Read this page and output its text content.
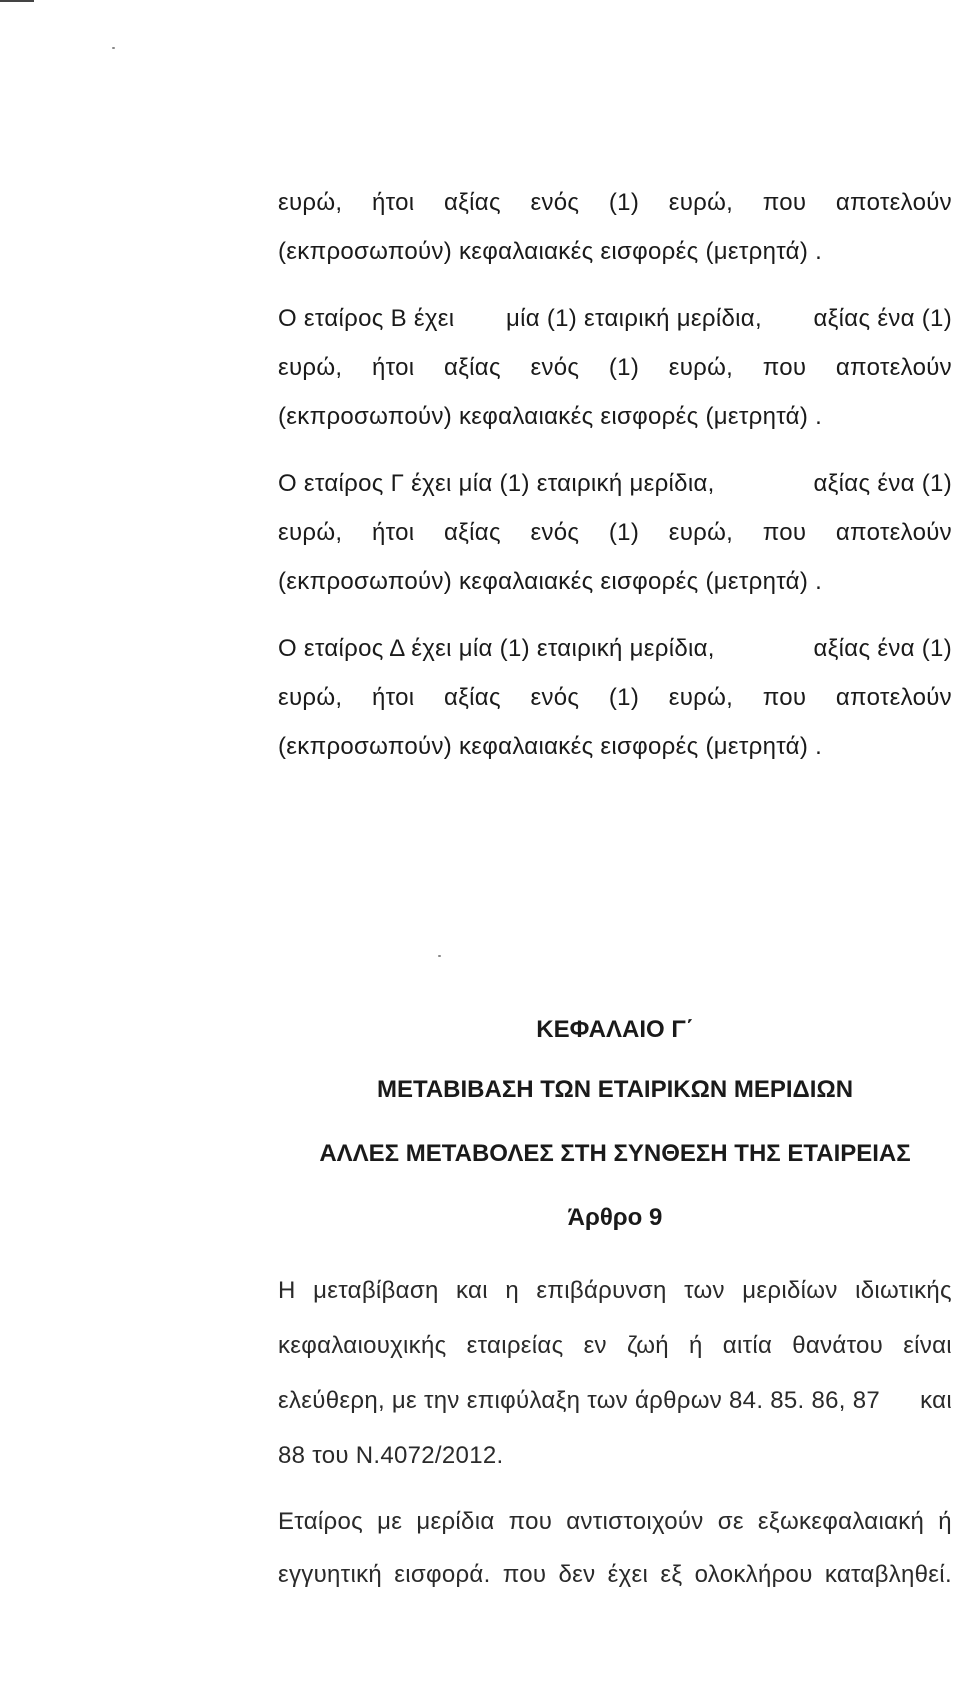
ευρώ, ήτοι αξίας ενός (1) ευρώ, που αποτελούν
(εκπροσωπούν) κεφαλαιακές εισφορές (μετρητά) .
Ο εταίρος Β έχει μία (1) εταιρική μερίδια, αξίας ένα (1)
ευρώ, ήτοι αξίας ενός (1) ευρώ, που αποτελούν
(εκπροσωπούν) κεφαλαιακές εισφορές (μετρητά) .
Ο εταίρος Γ έχει μία (1) εταιρική μερίδια,	αξίας ένα (1)
ευρώ, ήτοι αξίας ενός (1) ευρώ, που αποτελούν
(εκπροσωπούν) κεφαλαιακές εισφορές (μετρητά) .
Ο εταίρος Δ έχει μία (1) εταιρική μερίδια,	αξίας ένα (1)
ευρώ, ήτοι αξίας ενός (1) ευρώ, που αποτελούν
(εκπροσωπούν) κεφαλαιακές εισφορές (μετρητά) .
ΚΕΦΑΛΑΙΟ Γ΄
ΜΕΤΑΒΙΒΑΣΗ ΤΩΝ ΕΤΑΙΡΙΚΩΝ ΜΕΡΙΔΙΩΝ
ΑΛΛΕΣ ΜΕΤΑΒΟΛΕΣ ΣΤΗ ΣΥΝΘΕΣΗ ΤΗΣ ΕΤΑΙΡΕΙΑΣ
Άρθρο 9
Η μεταβίβαση και η επιβάρυνση των μεριδίων ιδιωτικής
κεφαλαιουχικής εταιρείας εν ζωή ή αιτία θανάτου είναι
ελεύθερη, με την επιφύλαξη των άρθρων 84. 85. 86, 87 και
88 του Ν.4072/2012.
Εταίρος με μερίδια που αντιστοιχούν σε εξωκεφαλαιακή ή
εγγυητική εισφορά. που δεν έχει εξ ολοκλήρου καταβληθεί.
